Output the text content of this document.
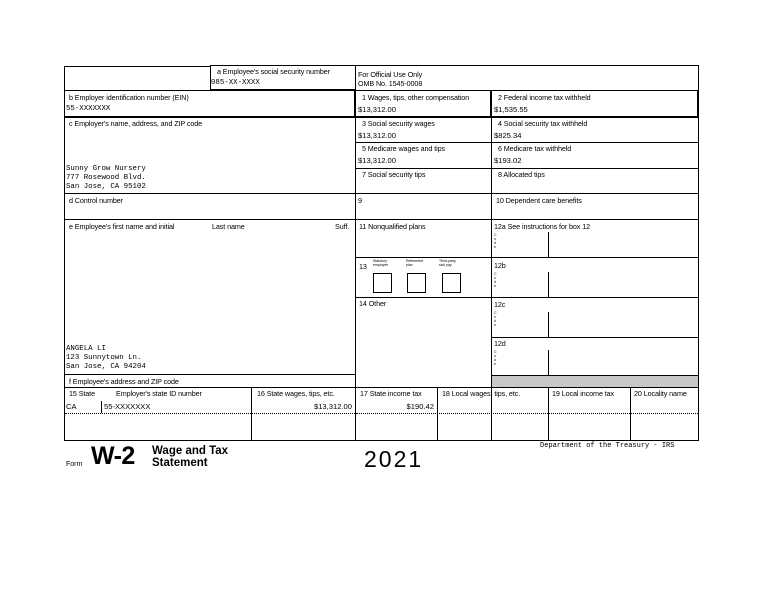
a Employee's social security number
085-XX-XXXX
For Official Use Only
OMB No. 1545-0008
b Employer identification number (EIN)
55-XXXXXXX
c Employer's name, address, and ZIP code
Sunny Grow Nursery
777 Rosewood Blvd.
San Jose, CA 95102
d Control number
e Employee's first name and initial	Last name	Suff.
ANGELA LI
123 Sunnytown Ln.
San Jose, CA 94204
f Employee's address and ZIP code
1 Wages, tips, other compensation
$13,312.00
2 Federal income tax withheld
$1,535.55
3 Social security wages
$13,312.00
4 Social security tax withheld
$825.34
5 Medicare wages and tips
$13,312.00
6 Medicare tax withheld
$193.02
7 Social security tips	8 Allocated tips
9	10 Dependent care benefits
11 Nonqualified plans	12a See instructions for box 12
C
o
d
e
12b
C
o
d
e
12c
C
o
d
e
12d
C
o
d
e
13
Statutory
employee
Retirement
plan
Third-party
sick pay
14 Other
15 State	Employer's state ID number	16 State wages, tips, etc.	17 State income tax	18 Local wages, tips, etc.	19 Local income tax	20 Locality name
CA	55-XXXXXXX	$13,312.00	$190.42
Form W-2 Wage and Tax
Statement	2021	Department of the Treasury - IRS
